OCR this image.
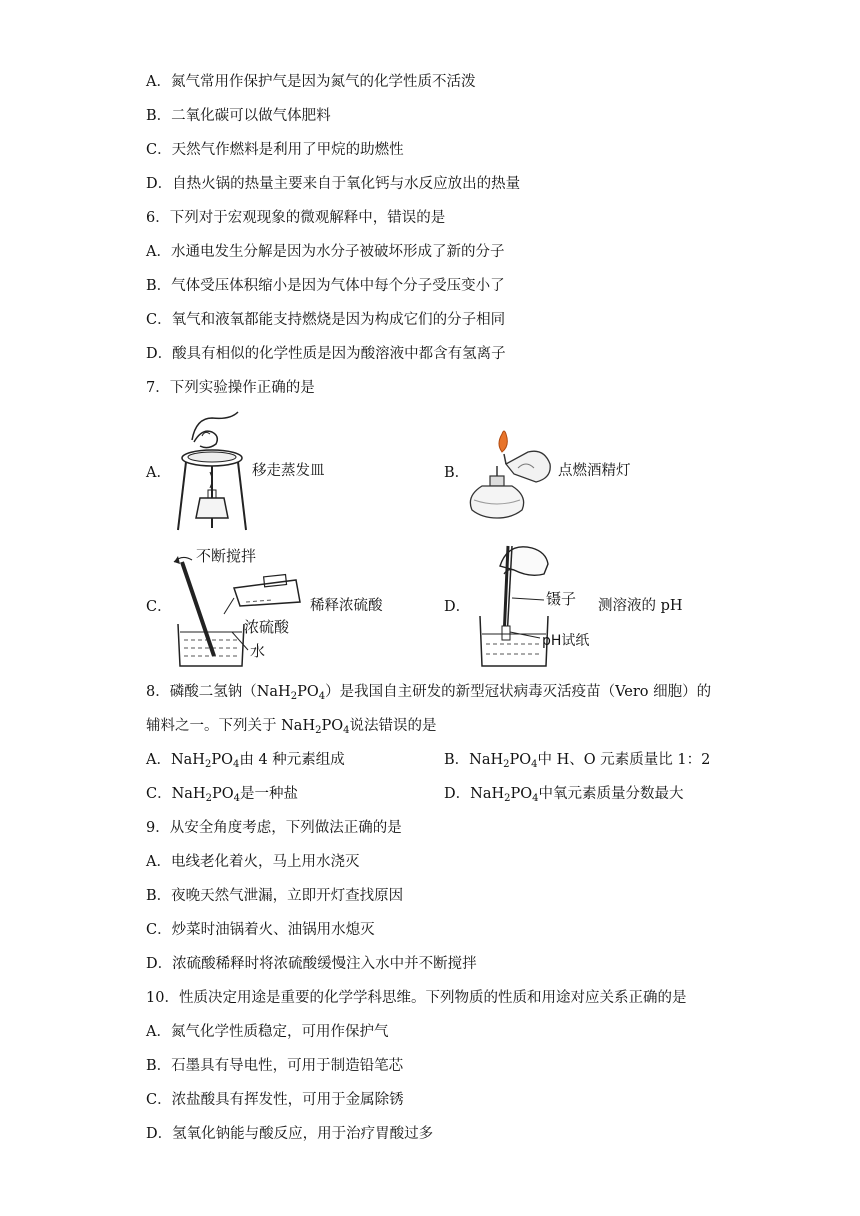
A．氮气常用作保护气是因为氮气的化学性质不活泼
B．二氧化碳可以做气体肥料
C．天然气作燃料是利用了甲烷的助燃性
D．自热火锅的热量主要来自于氧化钙与水反应放出的热量
6．下列对于宏观现象的微观解释中，错误的是
A．水通电发生分解是因为水分子被破坏形成了新的分子
B．气体受压体积缩小是因为气体中每个分子受压变小了
C．氧气和液氧都能支持燃烧是因为构成它们的分子相同
D．酸具有相似的化学性质是因为酸溶液中都含有氢离子
7．下列实验操作正确的是
A．	移走蒸发皿	B．	点燃酒精灯
C．
不断搅拌
浓硫酸
水
稀释浓硫酸	D．	镊子
pH试纸
测溶液的 pH
8．磷酸二氢钠$(NaH_2PO_4)$是我国自主研发的新型冠状病毒灭活疫苗（Vero 细胞）的
辅料之一。下列关于 $NaH_2PO_4$说法错误的是
A．$NaH_2PO_4$由 4 种元素组成	B．$NaH_2PO_4$中 H、O 元素质量比 1：2
C．$NaH_2PO_4$是一种盐	D．$NaH_2PO_4$中氧元素质量分数最大
9．从安全角度考虑，下列做法正确的是
A．电线老化着火，马上用水浇灭
B．夜晚天然气泄漏，立即开灯查找原因
C．炒菜时油锅着火、油锅用水熄灭
D．浓硫酸稀释时将浓硫酸缓慢注入水中并不断搅拌
10．性质决定用途是重要的化学学科思维。下列物质的性质和用途对应关系正确的是
A．氮气化学性质稳定，可用作保护气
B．石墨具有导电性，可用于制造铅笔芯
C．浓盐酸具有挥发性，可用于金属除锈
D．氢氧化钠能与酸反应，用于治疗胃酸过多
